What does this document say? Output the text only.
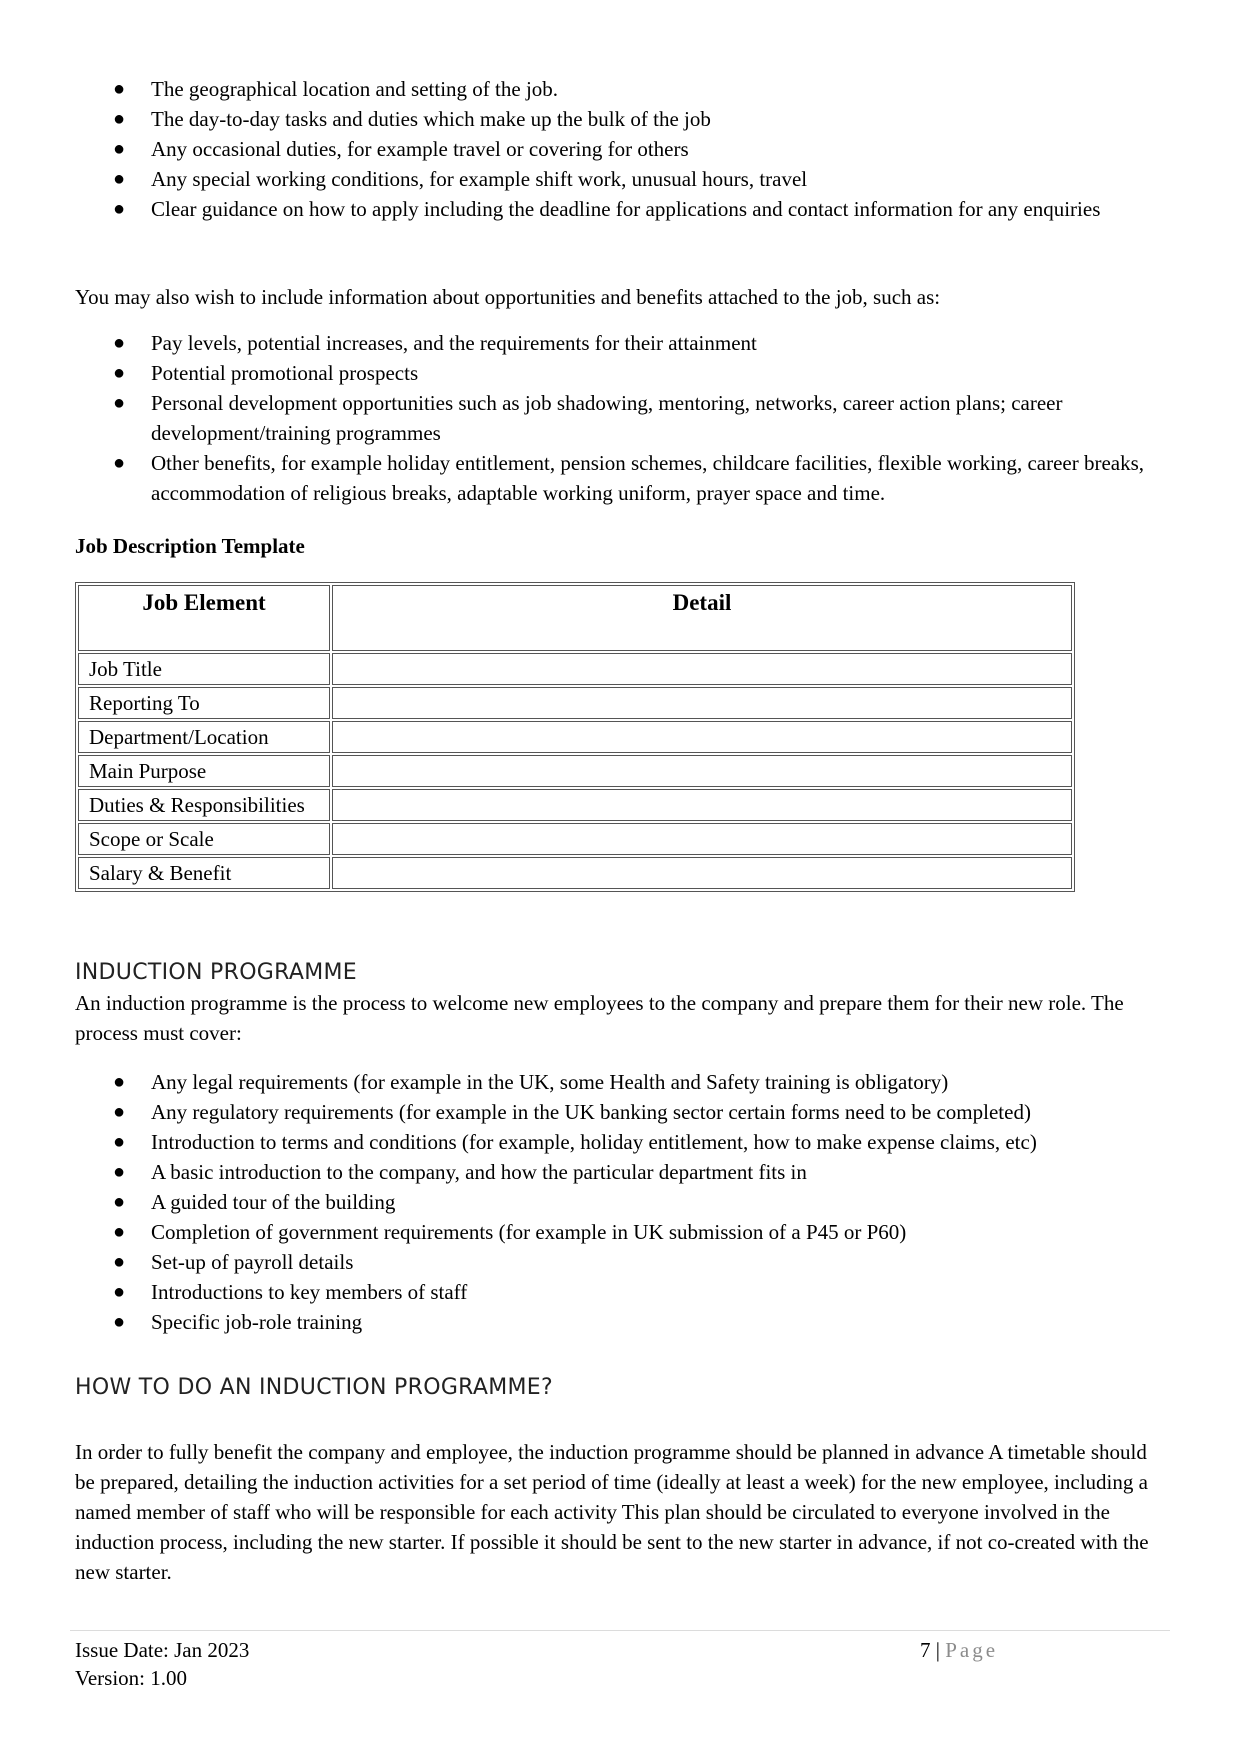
● The geographical location and setting of the job.
● The day-to-day tasks and duties which make up the bulk of the job
● Any occasional duties, for example travel or covering for others
● Any special working conditions, for example shift work, unusual hours, travel
● Clear guidance on how to apply including the deadline for applications and contact information for any enquiries

You may also wish to include information about opportunities and benefits attached to the job, such as:

● Pay levels, potential increases, and the requirements for their attainment
● Potential promotional prospects
● Personal development opportunities such as job shadowing, mentoring, networks, career action plans; career development/training programmes
● Other benefits, for example holiday entitlement, pension schemes, childcare facilities, flexible working, career breaks, accommodation of religious breaks, adaptable working uniform, prayer space and time.

Job Description Template

Job Element	Detail
Job Title	
Reporting To	
Department/Location	
Main Purpose	
Duties & Responsibilities	
Scope or Scale	
Salary & Benefit	
INDUCTION PROGRAMME

An induction programme is the process to welcome new employees to the company and prepare them for their new role. The process must cover:

● Any legal requirements (for example in the UK, some Health and Safety training is obligatory)
● Any regulatory requirements (for example in the UK banking sector certain forms need to be completed)
● Introduction to terms and conditions (for example, holiday entitlement, how to make expense claims, etc)
● A basic introduction to the company, and how the particular department fits in
● A guided tour of the building
● Completion of government requirements (for example in UK submission of a P45 or P60)
● Set-up of payroll details
● Introductions to key members of staff
● Specific job-role training
HOW TO DO AN INDUCTION PROGRAMME?

In order to fully benefit the company and employee, the induction programme should be planned in advance A timetable should be prepared, detailing the induction activities for a set period of time (ideally at least a week) for the new employee, including a named member of staff who will be responsible for each activity This plan should be circulated to everyone involved in the induction process, including the new starter. If possible it should be sent to the new starter in advance, if not co-created with the new starter.

Issue Date: Jan 2023
Version: 1.00
7 | Page
